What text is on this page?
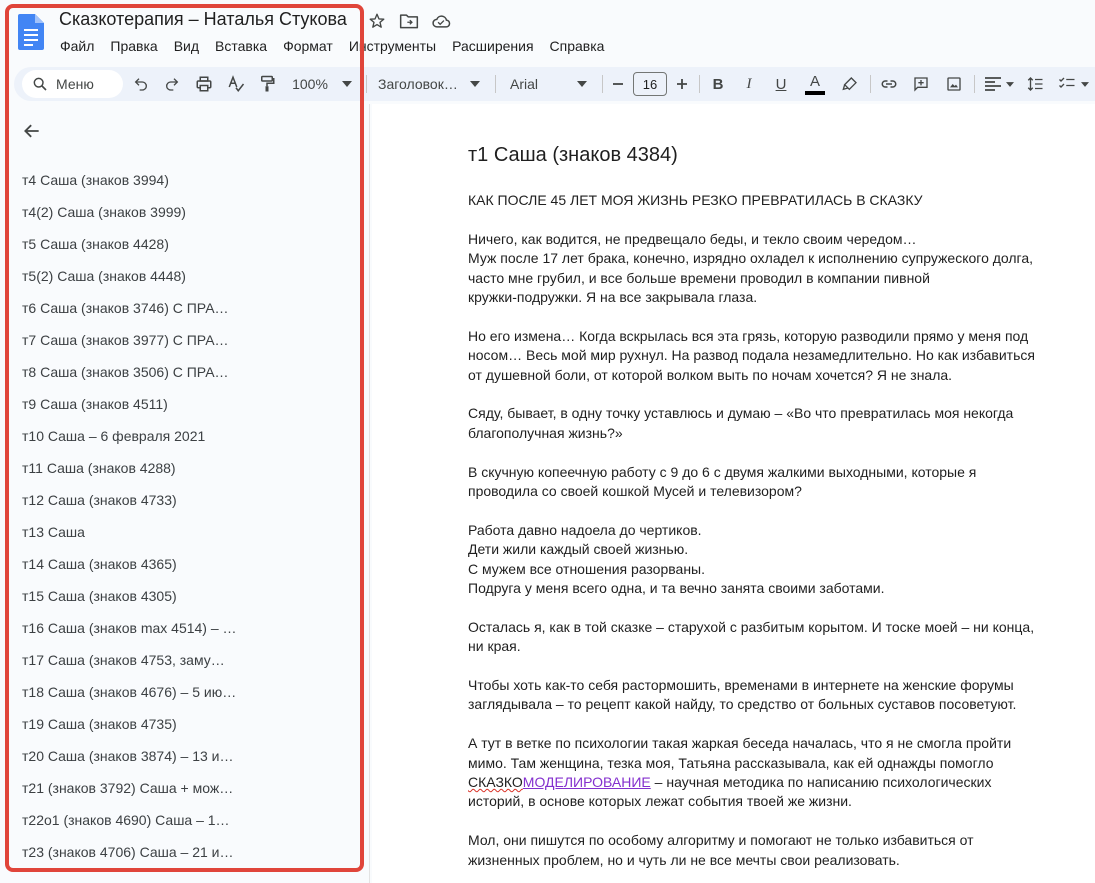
Сказкотерапия – Наталья Стукова
Файл	Правка	Вид	Вставка	Формат	Инструменты	Расширения	Справка
Меню	100%	Заголовок…	Arial	16	B	I	U	A
т4 Саша (знаков 3994)
т4(2) Саша (знаков 3999)
т5 Саша (знаков 4428)
т5(2) Саша (знаков 4448)
т6 Саша (знаков 3746) С ПРА…
т7 Саша (знаков 3977) С ПРА…
т8 Саша (знаков 3506) С ПРА…
т9 Саша (знаков 4511)
т10 Саша – 6 февраля 2021
т11 Саша (знаков 4288)
т12 Саша (знаков 4733)
т13 Саша
т14 Саша (знаков 4365)
т15 Саша (знаков 4305)
т16 Саша (знаков max 4514) – …
т17 Саша (знаков 4753, заму…
т18 Саша (знаков 4676) – 5 ию…
т19 Саша (знаков 4735)
т20 Саша (знаков 3874) – 13 и…
т21 (знаков 3792) Саша + мож…
т22о1 (знаков 4690) Саша – 1…
т23 (знаков 4706) Саша – 21 и…
т1 Саша (знаков 4384)
КАК ПОСЛЕ 45 ЛЕТ МОЯ ЖИЗНЬ РЕЗКО ПРЕВРАТИЛАСЬ В СКАЗКУ
Ничего, как водится, не предвещало беды, и текло своим чередом…
Муж после 17 лет брака, конечно, изрядно охладел к исполнению супружеского долга,
часто мне грубил, и все больше времени проводил в компании пивной
кружки-подружки. Я на все закрывала глаза.
Но его измена… Когда вскрылась вся эта грязь, которую разводили прямо у меня под
носом… Весь мой мир рухнул. На развод подала незамедлительно. Но как избавиться
от душевной боли, от которой волком выть по ночам хочется? Я не знала.
Сяду, бывает, в одну точку уставлюсь и думаю – «Во что превратилась моя некогда
благополучная жизнь?»
В скучную копеечную работу с 9 до 6 с двумя жалкими выходными, которые я
проводила со своей кошкой Мусей и телевизором?
Работа давно надоела до чертиков.
Дети жили каждый своей жизнью.
С мужем все отношения разорваны.
Подруга у меня всего одна, и та вечно занята своими заботами.
Осталась я, как в той сказке – старухой с разбитым корытом. И тоске моей – ни конца,
ни края.
Чтобы хоть как-то себя растормошить, временами в интернете на женские форумы
заглядывала – то рецепт какой найду, то средство от больных суставов посоветуют.
А тут в ветке по психологии такая жаркая беседа началась, что я не смогла пройти
мимо. Там женщина, тезка моя, Татьяна рассказывала, как ей однажды помогло
СКАЗКОМОДЕЛИРОВАНИЕ – научная методика по написанию психологических
историй, в основе которых лежат события твоей же жизни.
Мол, они пишутся по особому алгоритму и помогают не только избавиться от
жизненных проблем, но и чуть ли не все мечты свои реализовать.
